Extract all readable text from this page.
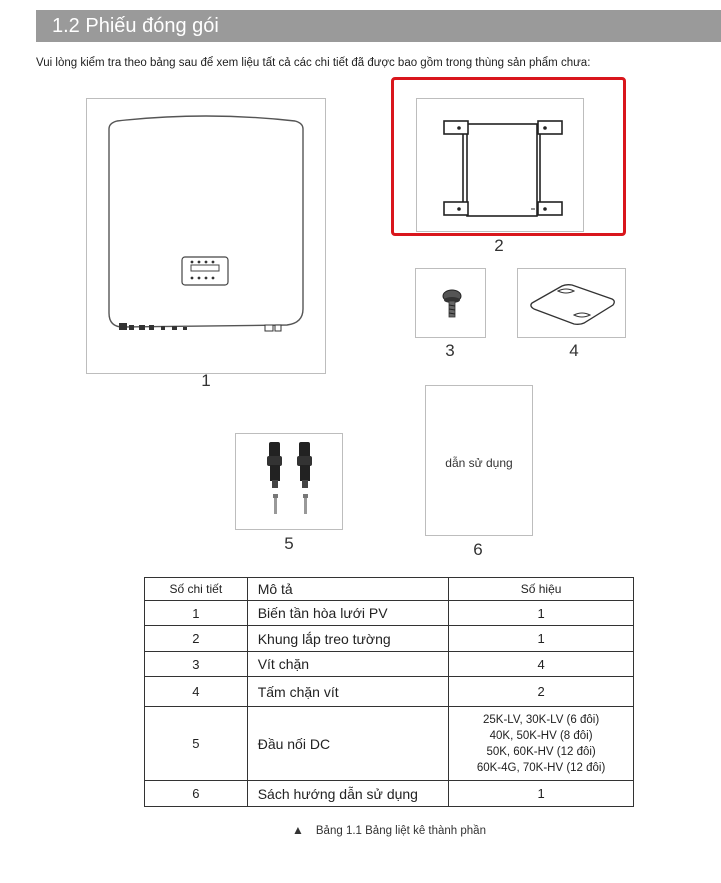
1.2 Phiếu đóng gói
Vui lòng kiểm tra theo bảng sau để xem liệu tất cả các chi tiết đã được bao gồm trong thùng sản phẩm chưa:
1
2
3	4
5
dẫn sử dụng
6
Số chi tiết	Mô tả	Số hiệu
1	Biến tần hòa lưới PV	1
2	Khung lắp treo tường	1
3	Vít chặn	4
4	Tấm chặn vít	2
5	Đầu nối DC	25K-LV, 30K-LV (6 đôi)
40K, 50K-HV (8 đôi)
50K, 60K-HV (12 đôi)
60K-4G, 70K-HV (12 đôi)

6	Sách hướng dẫn sử dụng	1
▲ Bảng 1.1 Bảng liệt kê thành phần
